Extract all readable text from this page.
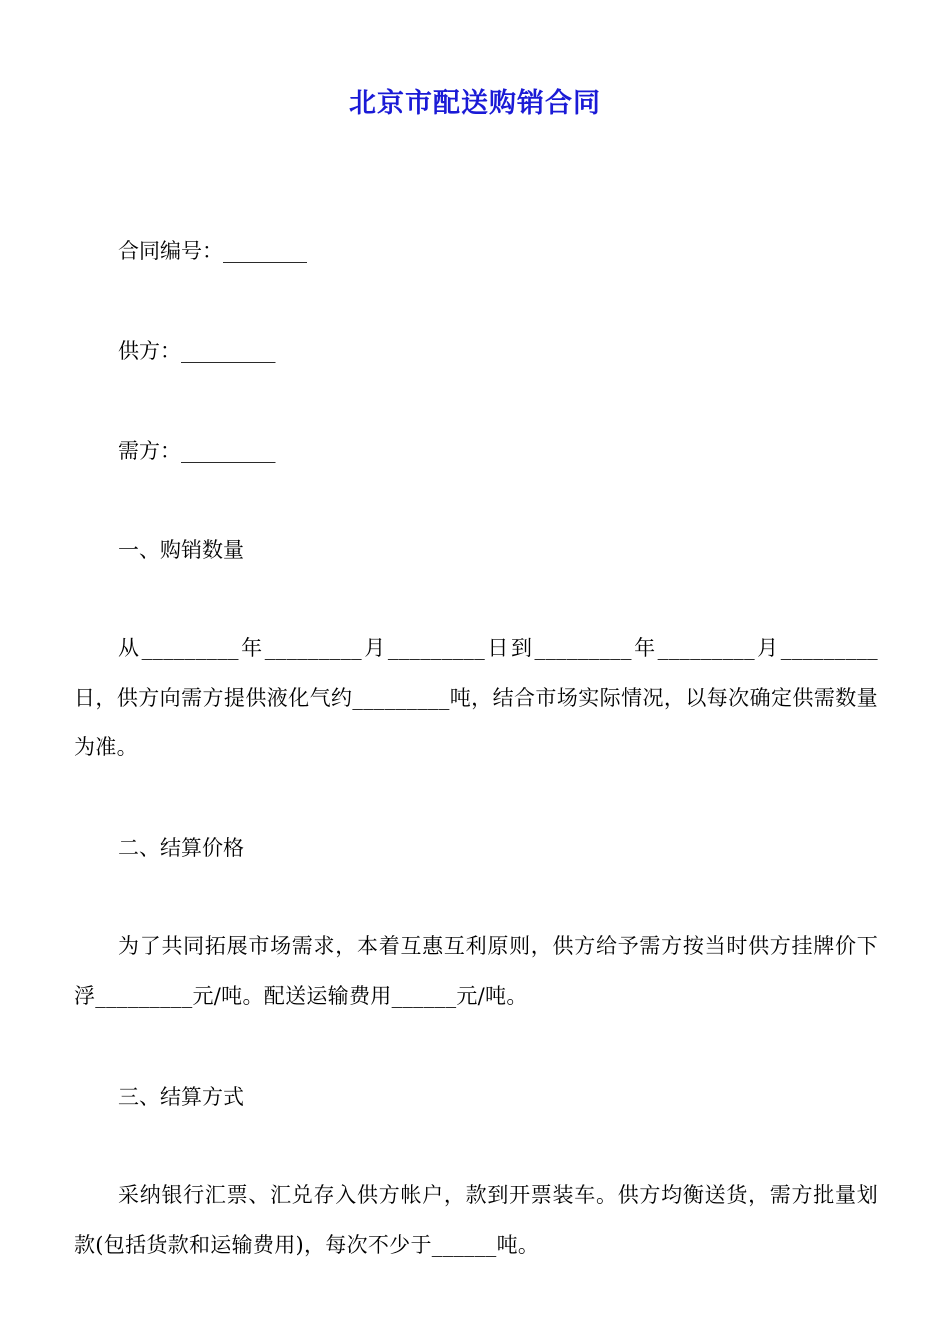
北京市配送购销合同
合同编号：________
供方：_________
需方：_________
一、购销数量
从_________年_________月_________日到_________年_________月_________日，供方向需方提供液化气约_________吨，结合市场实际情况，以每次确定供需数量为准。
二、结算价格
为了共同拓展市场需求，本着互惠互利原则，供方给予需方按当时供方挂牌价下浮_________元/吨。配送运输费用______元/吨。
三、结算方式
采纳银行汇票、汇兑存入供方帐户，款到开票装车。供方均衡送货，需方批量划款(包括货款和运输费用)，每次不少于______吨。
